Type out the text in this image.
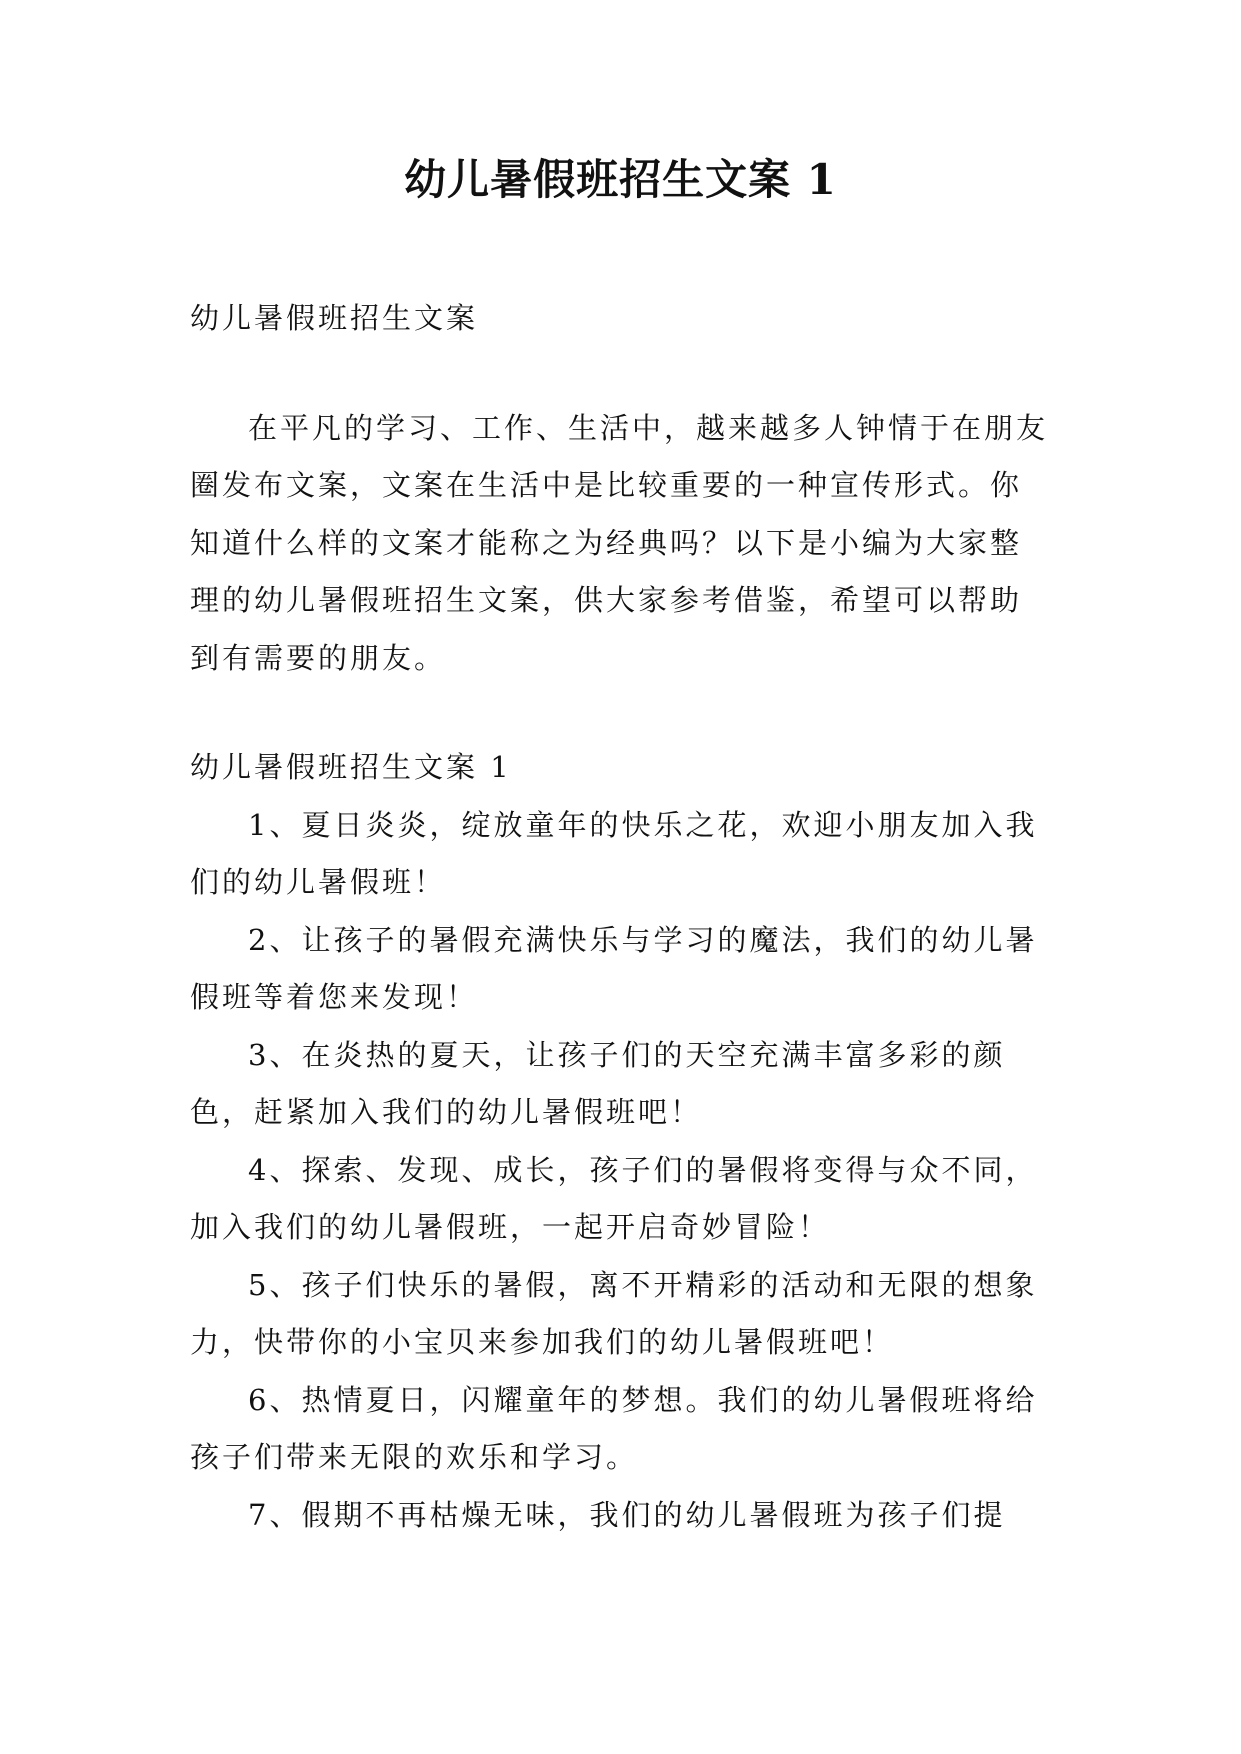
幼儿暑假班招生文案 1

幼儿暑假班招生文案

在平凡的学习、工作、生活中，越来越多人钟情于在朋友圈发布文案，文案在生活中是比较重要的一种宣传形式。你知道什么样的文案才能称之为经典吗？以下是小编为大家整理的幼儿暑假班招生文案，供大家参考借鉴，希望可以帮助到有需要的朋友。

幼儿暑假班招生文案 1

1、夏日炎炎，绽放童年的快乐之花，欢迎小朋友加入我们的幼儿暑假班！

2、让孩子的暑假充满快乐与学习的魔法，我们的幼儿暑假班等着您来发现！

3、在炎热的夏天，让孩子们的天空充满丰富多彩的颜色，赶紧加入我们的幼儿暑假班吧！

4、探索、发现、成长，孩子们的暑假将变得与众不同，加入我们的幼儿暑假班，一起开启奇妙冒险！

5、孩子们快乐的暑假，离不开精彩的活动和无限的想象力，快带你的小宝贝来参加我们的幼儿暑假班吧！

6、热情夏日，闪耀童年的梦想。我们的幼儿暑假班将给孩子们带来无限的欢乐和学习。

7、假期不再枯燥无味，我们的幼儿暑假班为孩子们提
